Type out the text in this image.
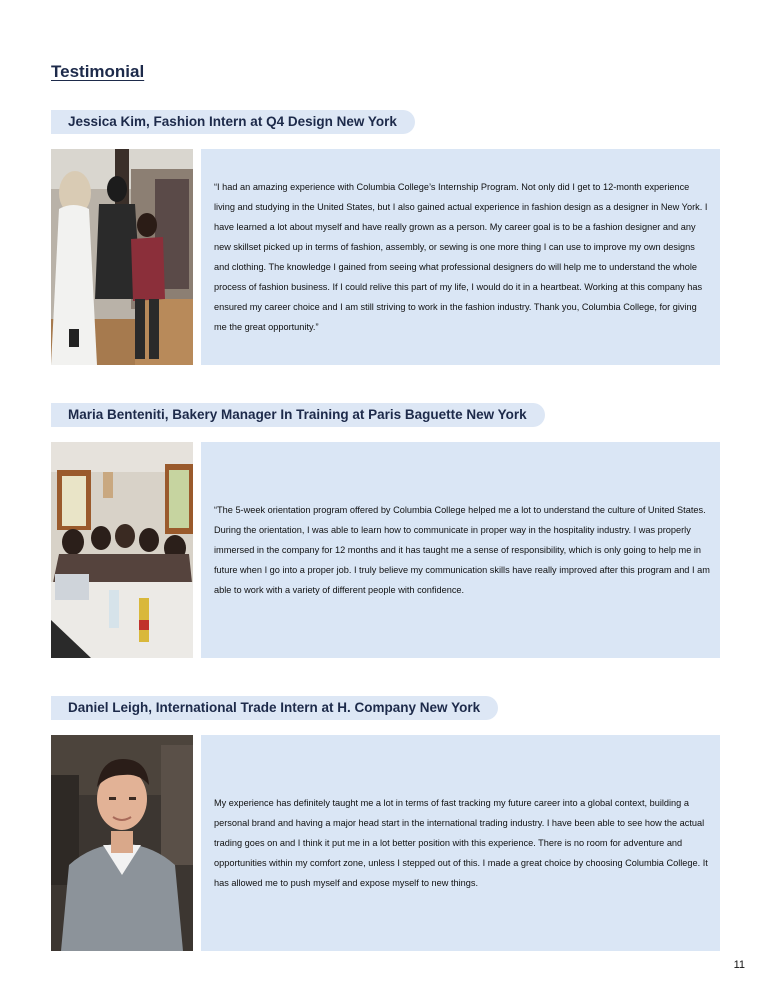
Testimonial
Jessica Kim, Fashion Intern at Q4 Design New York

“I had an amazing experience with Columbia College’s Internship Program. Not only did I get to 12-month experience living and studying in the United States, but I also gained actual experience in fashion design as a designer in New York. I have learned a lot about myself and have really grown as a person. My career goal is to be a fashion designer and any new skillset picked up in terms of fashion, assembly, or sewing is one more thing I can use to improve my own designs and clothing. The knowledge I gained from seeing what professional designers do will help me to understand the whole process of fashion business. If I could relive this part of my life, I would do it in a heartbeat. Working at this company has ensured my career choice and I am still striving to work in the fashion industry. Thank you, Columbia College, for giving me the great opportunity.”

Maria Benteniti, Bakery Manager In Training at Paris Baguette New York

“The 5-week orientation program offered by Columbia College helped me a lot to understand the culture of United States. During the orientation, I was able to learn how to communicate in proper way in the hospitality industry. I was properly immersed in the company for 12 months and it has taught me a sense of responsibility, which is only going to help me in future when I go into a proper job. I truly believe my communication skills have really improved after this program and I am able to work with a variety of different people with confidence.

Daniel Leigh, International Trade Intern at H. Company New York

My experience has definitely taught me a lot in terms of fast tracking my future career into a global context, building a personal brand and having a major head start in the international trading industry. I have been able to see how the actual trading goes on and I think it put me in a lot better position with this experience. There is no room for adventure and opportunities within my comfort zone, unless I stepped out of this. I made a great choice by choosing Columbia College. It has allowed me to push myself and expose myself to new things.

11
